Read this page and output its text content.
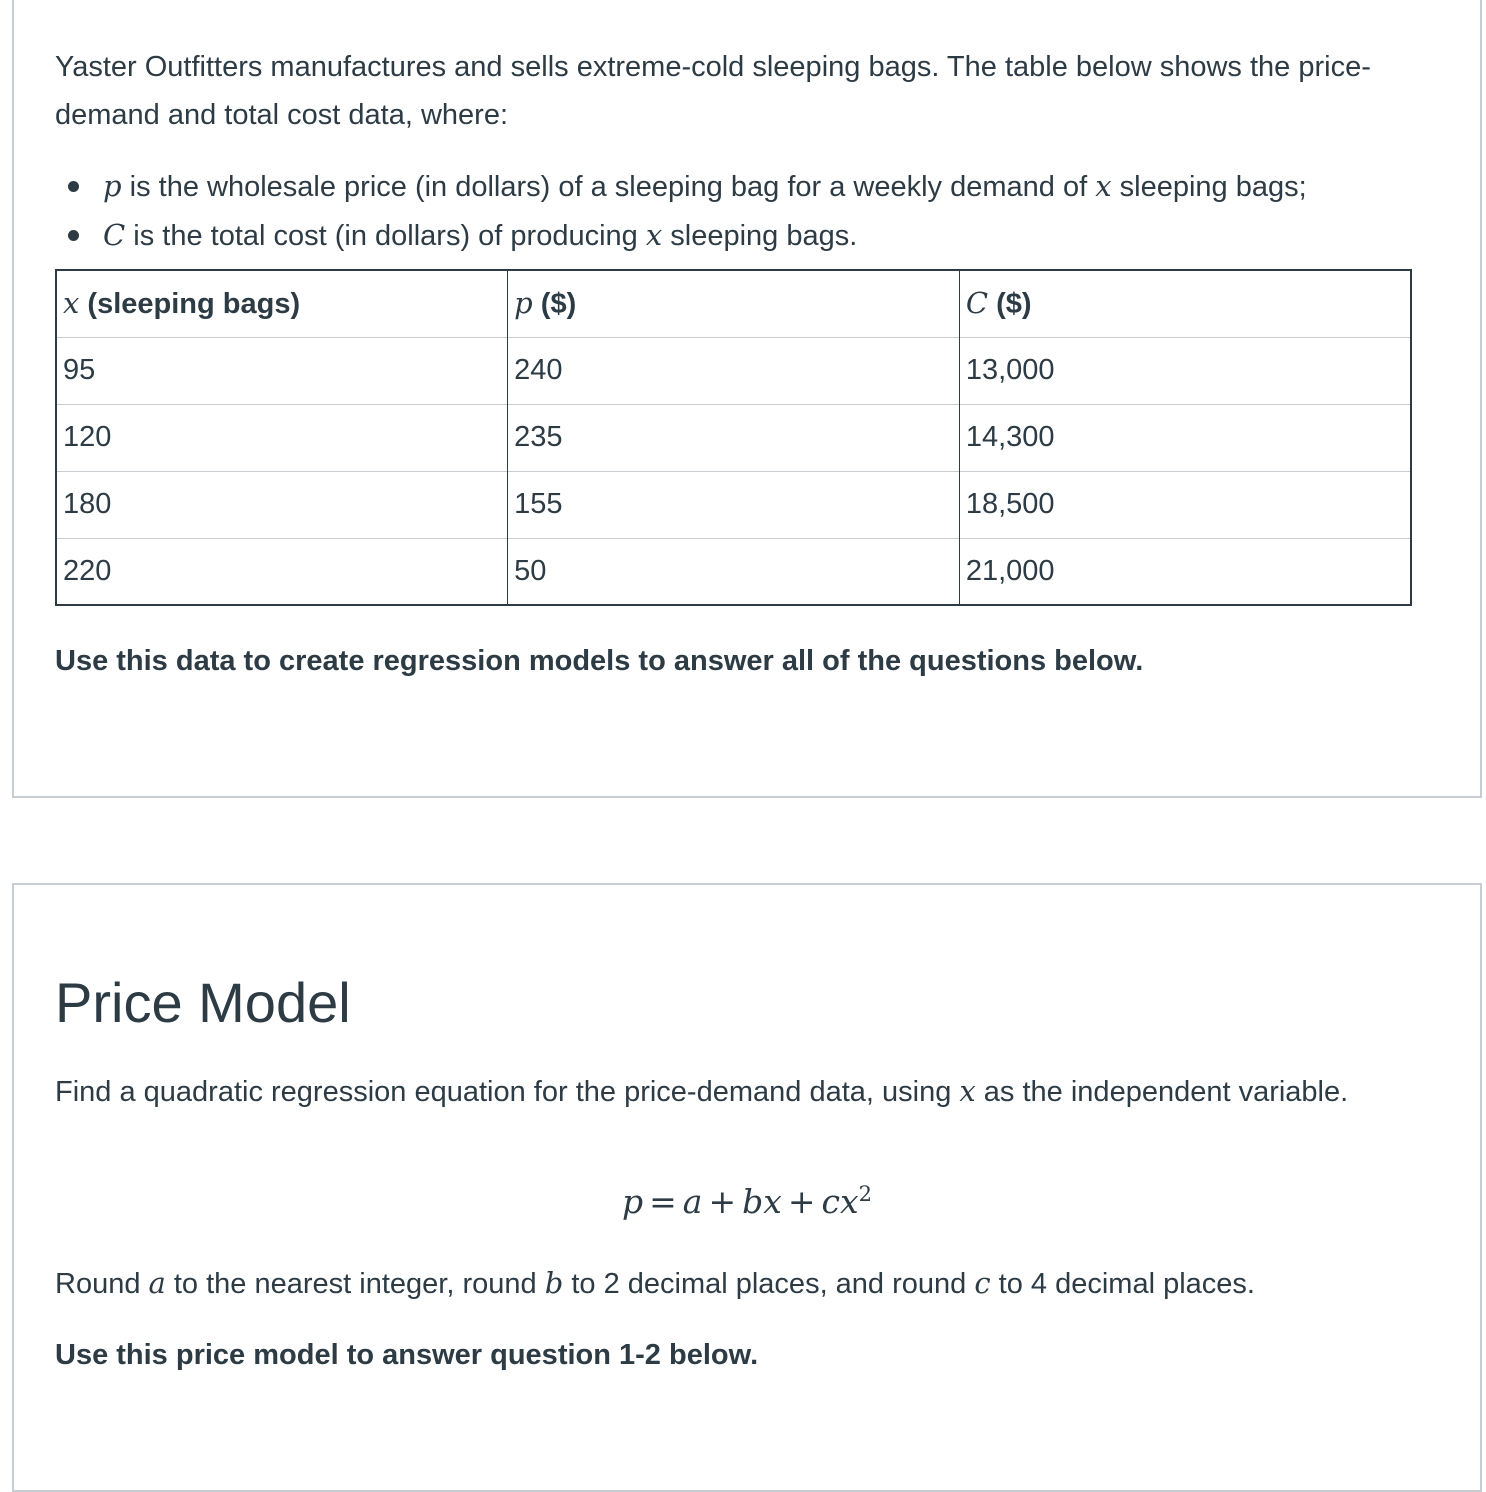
Yaster Outfitters manufactures and sells extreme-cold sleeping bags. The table below shows the price-demand and total cost data, where:

p is the wholesale price (in dollars) of a sleeping bag for a weekly demand of x sleeping bags;
C is the total cost (in dollars) of producing x sleeping bags.
x (sleeping bags)	p ($)	C ($)
95	240	13,000
120	235	14,300
180	155	18,500
220	50	21,000

Use this data to create regression models to answer all of the questions below.

Price Model

Find a quadratic regression equation for the price-demand data, using x as the independent variable.

p = a + bx + $cx^2$

Round a to the nearest integer, round b to 2 decimal places, and round c to 4 decimal places.

Use this price model to answer question 1-2 below.
